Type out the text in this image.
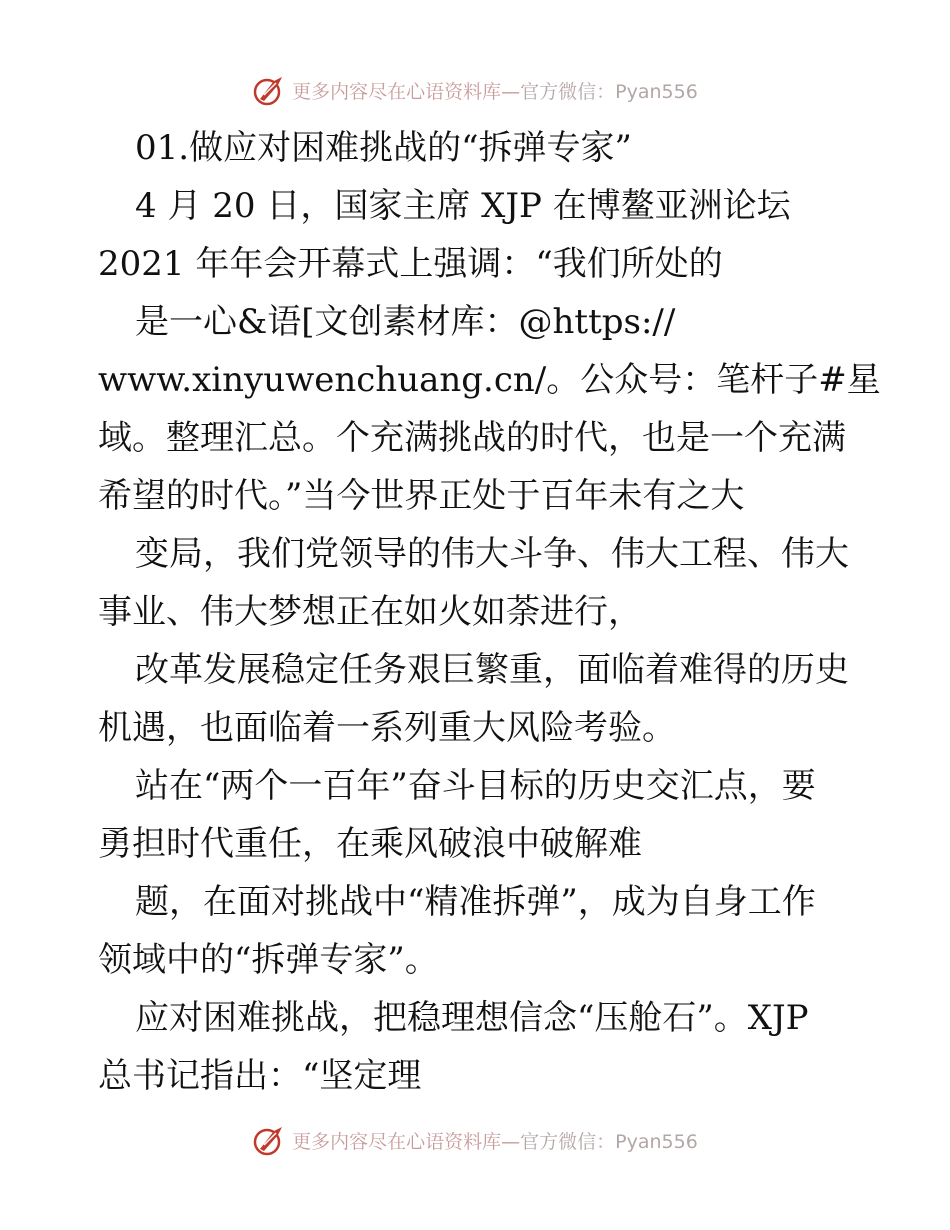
更多内容尽在心语资料库—官方微信：Pyan556
01.做应对困难挑战的“拆弹专家”
4 月 20 日，国家主席 XJP 在博鳌亚洲论坛
2021 年年会开幕式上强调：“我们所处的
是一心&语[文创素材库：@https://
www.xinyuwenchuang.cn/。公众号：笔杆子#星
域。整理汇总。个充满挑战的时代，也是一个充满
希望的时代。”当今世界正处于百年未有之大
变局，我们党领导的伟大斗争、伟大工程、伟大
事业、伟大梦想正在如火如荼进行，
改革发展稳定任务艰巨繁重，面临着难得的历史
机遇，也面临着一系列重大风险考验。
站在“两个一百年”奋斗目标的历史交汇点，要
勇担时代重任，在乘风破浪中破解难
题，在面对挑战中“精准拆弹”，成为自身工作
领域中的“拆弹专家”。
应对困难挑战，把稳理想信念“压舱石”。XJP
总书记指出：“坚定理
更多内容尽在心语资料库—官方微信：Pyan556
